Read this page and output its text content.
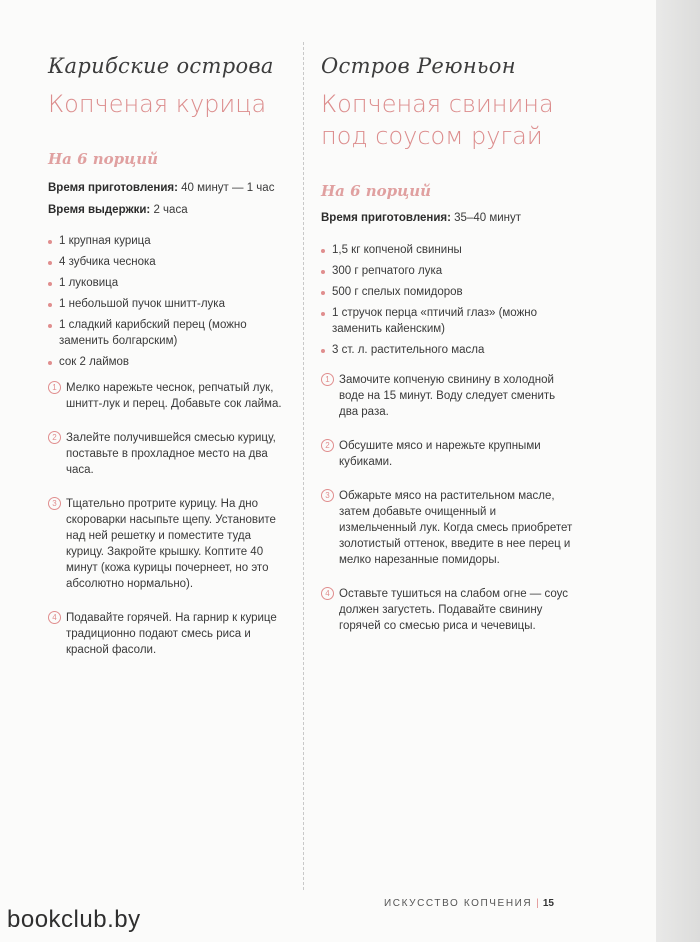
Карибские острова
Копченая курица
На 6 порций
Время приготовления: 40 минут — 1 час
Время выдержки: 2 часа
1 крупная курица
4 зубчика чеснока
1 луковица
1 небольшой пучок шнитт-лука
1 сладкий карибский перец (можно заменить болгарским)
сок 2 лаймов
1 Мелко нарежьте чеснок, репчатый лук, шнитт-лук и перец. Добавьте сок лайма.
2 Залейте получившейся смесью курицу, поставьте в прохладное место на два часа.
3 Тщательно протрите курицу. На дно скороварки насыпьте щепу. Установите над ней решетку и поместите туда курицу. Закройте крышку. Коптите 40 минут (кожа курицы почернеет, но это абсолютно нормально).
4 Подавайте горячей. На гарнир к курице традиционно подают смесь риса и красной фасоли.
Остров Реюньон
Копченая свинина под соусом ругай
На 6 порций
Время приготовления: 35–40 минут
1,5 кг копченой свинины
300 г репчатого лука
500 г спелых помидоров
1 стручок перца «птичий глаз» (можно заменить кайенским)
3 ст. л. растительного масла
1 Замочите копченую свинину в холодной воде на 15 минут. Воду следует сменить два раза.
2 Обсушите мясо и нарежьте крупными кубиками.
3 Обжарьте мясо на растительном масле, затем добавьте очищенный и измельченный лук. Когда смесь приобретет золотистый оттенок, введите в нее перец и мелко нарезанные помидоры.
4 Оставьте тушиться на слабом огне — соус должен загустеть. Подавайте свинину горячей со смесью риса и чечевицы.
ИСКУССТВО КОПЧЕНИЯ | 15
bookclub.by
